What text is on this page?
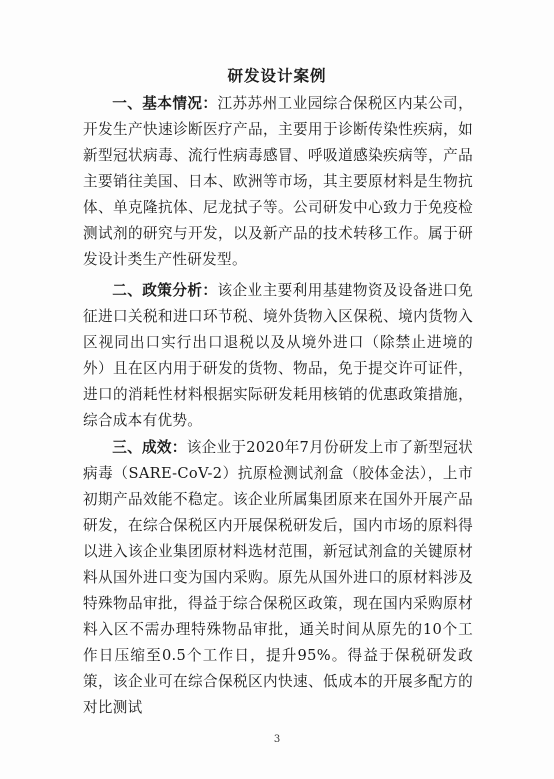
研发设计案例

一、基本情况：江苏苏州工业园综合保税区内某公司，开发生产快速诊断医疗产品，主要用于诊断传染性疾病，如新型冠状病毒、流行性病毒感冒、呼吸道感染疾病等，产品主要销往美国、日本、欧洲等市场，其主要原材料是生物抗体、单克隆抗体、尼龙拭子等。公司研发中心致力于免疫检测试剂的研究与开发，以及新产品的技术转移工作。属于研发设计类生产性研发型。

二、政策分析：该企业主要利用基建物资及设备进口免征进口关税和进口环节税、境外货物入区保税、境内货物入区视同出口实行出口退税以及从境外进口（除禁止进境的外）且在区内用于研发的货物、物品，免于提交许可证件，进口的消耗性材料根据实际研发耗用核销的优惠政策措施，综合成本有优势。

三、成效：该企业于2020年7月份研发上市了新型冠状病毒（SARE-CoV-2）抗原检测试剂盒（胶体金法），上市初期产品效能不稳定。该企业所属集团原来在国外开展产品研发，在综合保税区内开展保税研发后，国内市场的原料得以进入该企业集团原材料选材范围，新冠试剂盒的关键原材料从国外进口变为国内采购。原先从国外进口的原材料涉及特殊物品审批，得益于综合保税区政策，现在国内采购原材料入区不需办理特殊物品审批，通关时间从原先的10个工作日压缩至0.5个工作日，提升95%。得益于保税研发政策，该企业可在综合保税区内快速、低成本的开展多配方的对比测试

3
